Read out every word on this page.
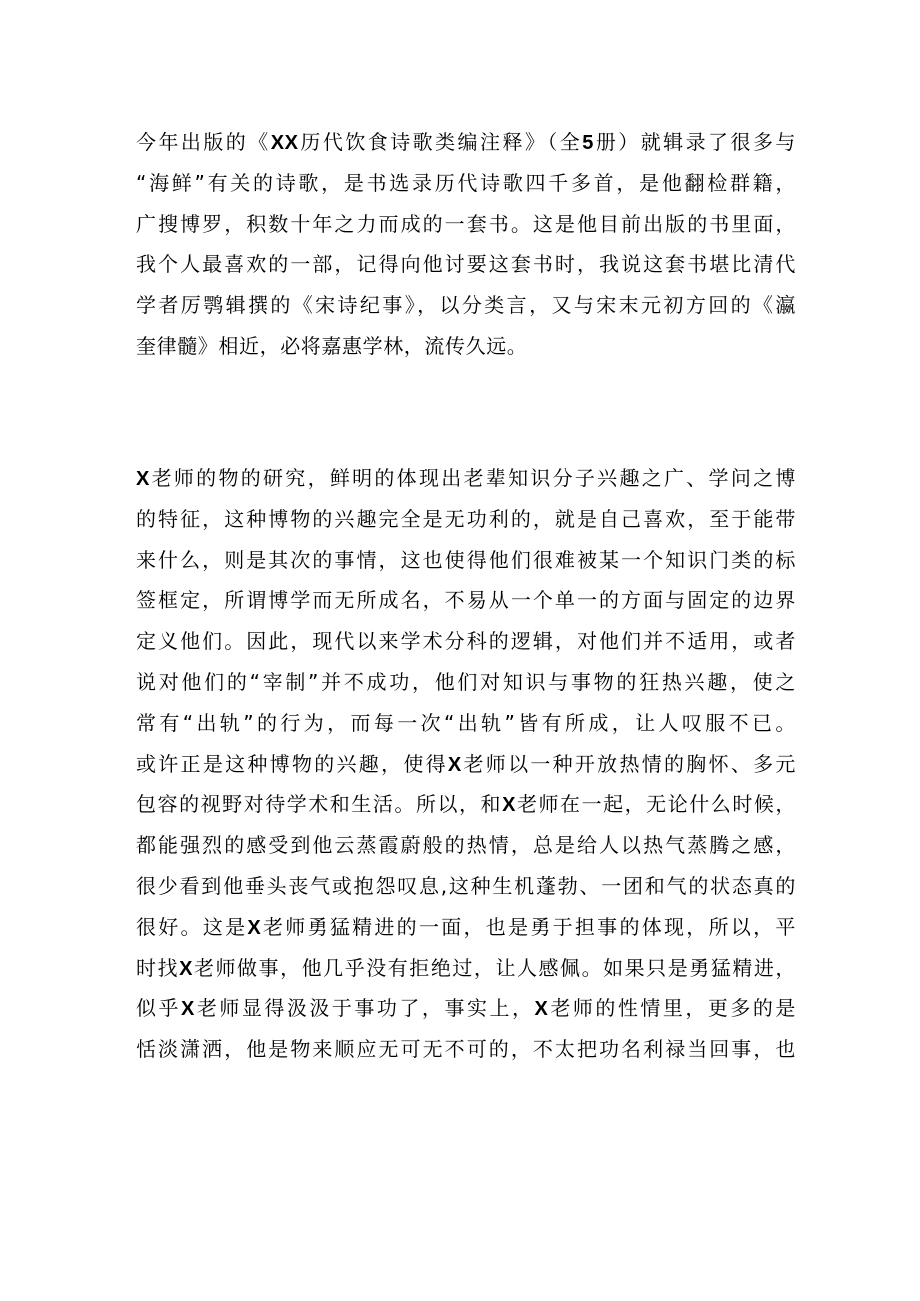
今年出版的《XX历代饮食诗歌类编注释》（全5册）就辑录了很多与
“海鲜”有关的诗歌，是书选录历代诗歌四千多首，是他翻检群籍，
广搜博罗，积数十年之力而成的一套书。这是他目前出版的书里面，
我个人最喜欢的一部，记得向他讨要这套书时，我说这套书堪比清代
学者厉鹗辑撰的《宋诗纪事》，以分类言，又与宋末元初方回的《瀛
奎律髓》相近，必将嘉惠学林，流传久远。
X老师的物的研究，鲜明的体现出老辈知识分子兴趣之广、学问之博
的特征，这种博物的兴趣完全是无功利的，就是自己喜欢，至于能带
来什么，则是其次的事情，这也使得他们很难被某一个知识门类的标
签框定，所谓博学而无所成名，不易从一个单一的方面与固定的边界
定义他们。因此，现代以来学术分科的逻辑，对他们并不适用，或者
说对他们的“宰制”并不成功，他们对知识与事物的狂热兴趣，使之
常有“出轨”的行为，而每一次“出轨”皆有所成，让人叹服不已。
或许正是这种博物的兴趣，使得X老师以一种开放热情的胸怀、多元
包容的视野对待学术和生活。所以，和X老师在一起，无论什么时候，
都能强烈的感受到他云蒸霞蔚般的热情，总是给人以热气蒸腾之感，
很少看到他垂头丧气或抱怨叹息,这种生机蓬勃、一团和气的状态真的
很好。这是X老师勇猛精进的一面，也是勇于担事的体现，所以，平
时找X老师做事，他几乎没有拒绝过，让人感佩。如果只是勇猛精进，
似乎X老师显得汲汲于事功了，事实上，X老师的性情里，更多的是
恬淡潇洒，他是物来顺应无可无不可的，不太把功名利禄当回事，也
